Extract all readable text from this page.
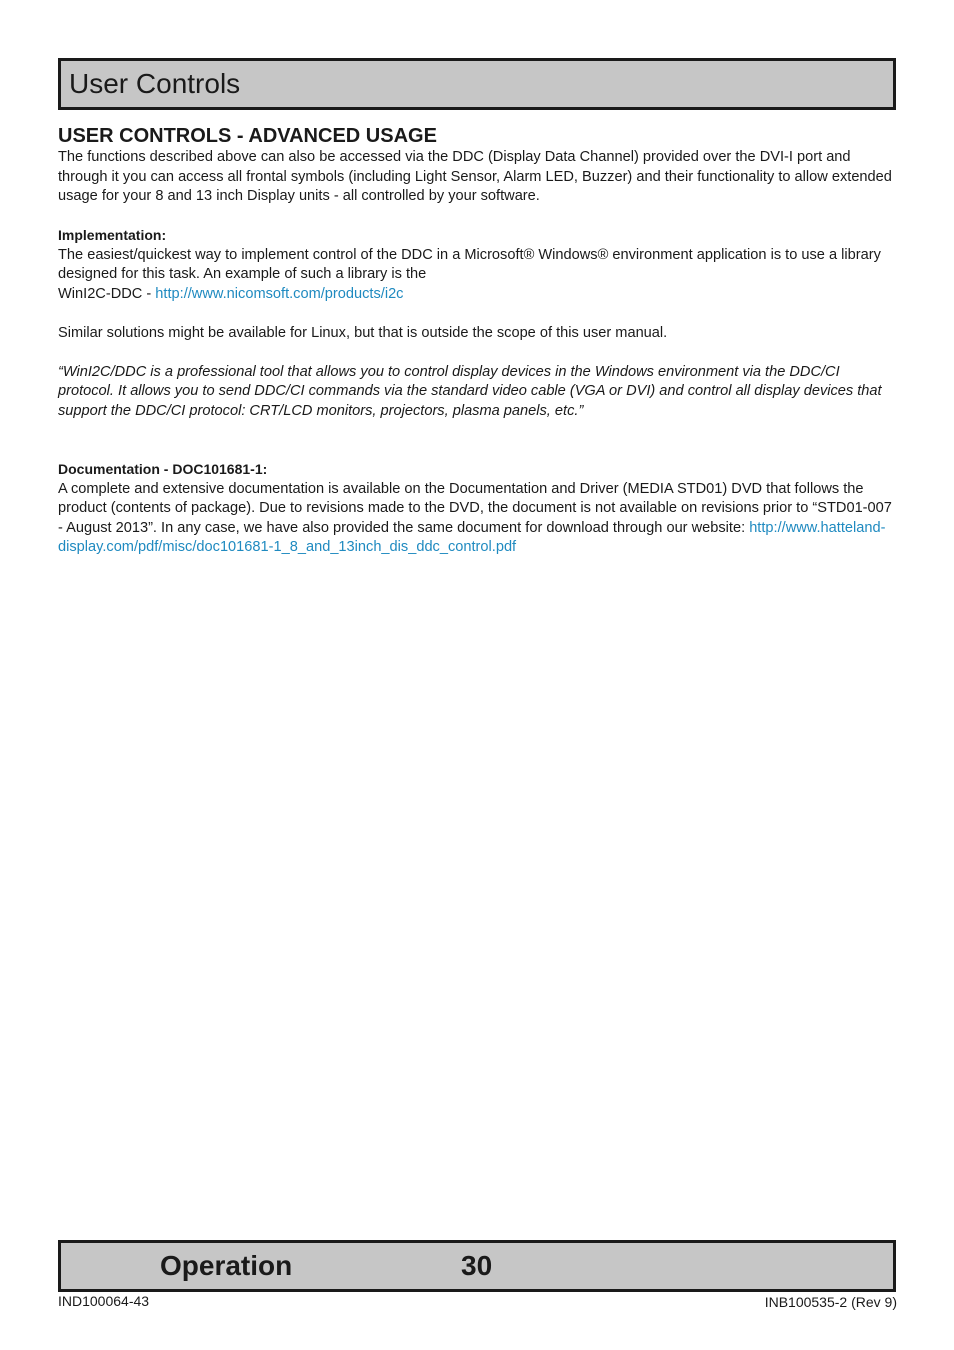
User Controls
USER CONTROLS - ADVANCED USAGE

The functions described above can also be accessed via the DDC (Display Data Channel) provided over the DVI-I port and through it you can access all frontal symbols (including Light Sensor, Alarm LED, Buzzer) and their functionality to allow extended usage for your 8 and 13 inch Display units - all controlled by your software.

Implementation:

The easiest/quickest way to implement control of the DDC in a Microsoft® Windows® environment application is to use a library designed for this task. An example of such a library is the
WinI2C-DDC - http://www.nicomsoft.com/products/i2c

Similar solutions might be available for Linux, but that is outside the scope of this user manual.

“WinI2C/DDC is a professional tool that allows you to control display devices in the Windows environment via the DDC/CI protocol. It allows you to send DDC/CI commands via the standard video cable (VGA or DVI) and control all display devices that support the DDC/CI protocol: CRT/LCD monitors, projectors, plasma panels, etc.”

Documentation - DOC101681-1:

A complete and extensive documentation is available on the Documentation and Driver (MEDIA STD01) DVD that follows the product (contents of package). Due to revisions made to the DVD, the document is not available on revisions prior to “STD01-007 - August 2013”. In any case, we have also provided the same document for download through our website: http://www.hatteland-display.com/pdf/misc/doc101681-1_8_and_13inch_dis_ddc_control.pdf

Operation	30
IND100064-43	INB100535-2 (Rev 9)
